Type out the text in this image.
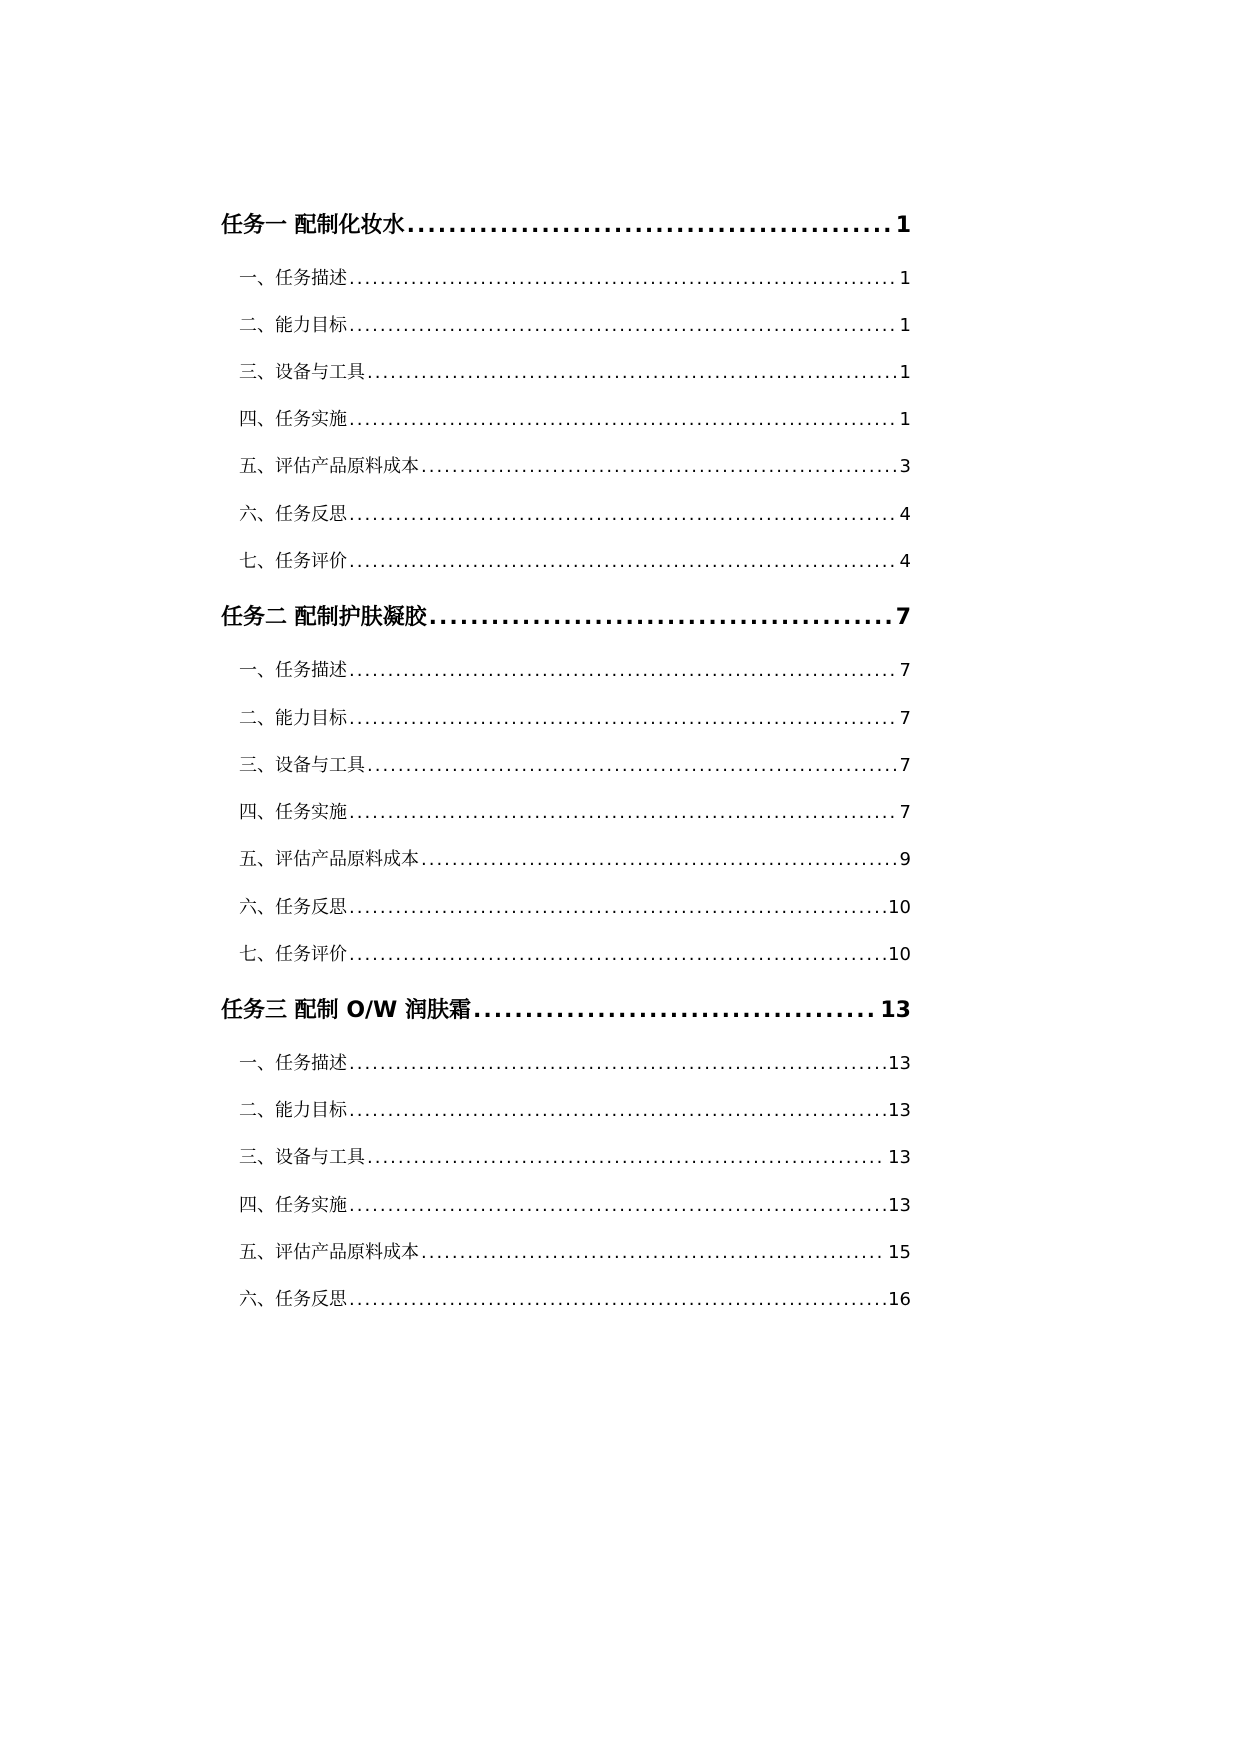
任务一 配制化妆水 .....	1
一、任务描述 .....	1
二、能力目标 .....	1
三、设备与工具 .....	1
四、任务实施 .....	1
五、评估产品原料成本 .....	3
六、任务反思 .....	4
七、任务评价 .....	4
任务二 配制护肤凝胶 .....	7
一、任务描述 .....	7
二、能力目标 .....	7
三、设备与工具 .....	7
四、任务实施 .....	7
五、评估产品原料成本 .....	9
六、任务反思 .....	10
七、任务评价 .....	10
任务三 配制 O/W 润肤霜 .....	13
一、任务描述 .....	13
二、能力目标 .....	13
三、设备与工具 .....	13
四、任务实施 .....	13
五、评估产品原料成本 .....	15
六、任务反思 .....	16
